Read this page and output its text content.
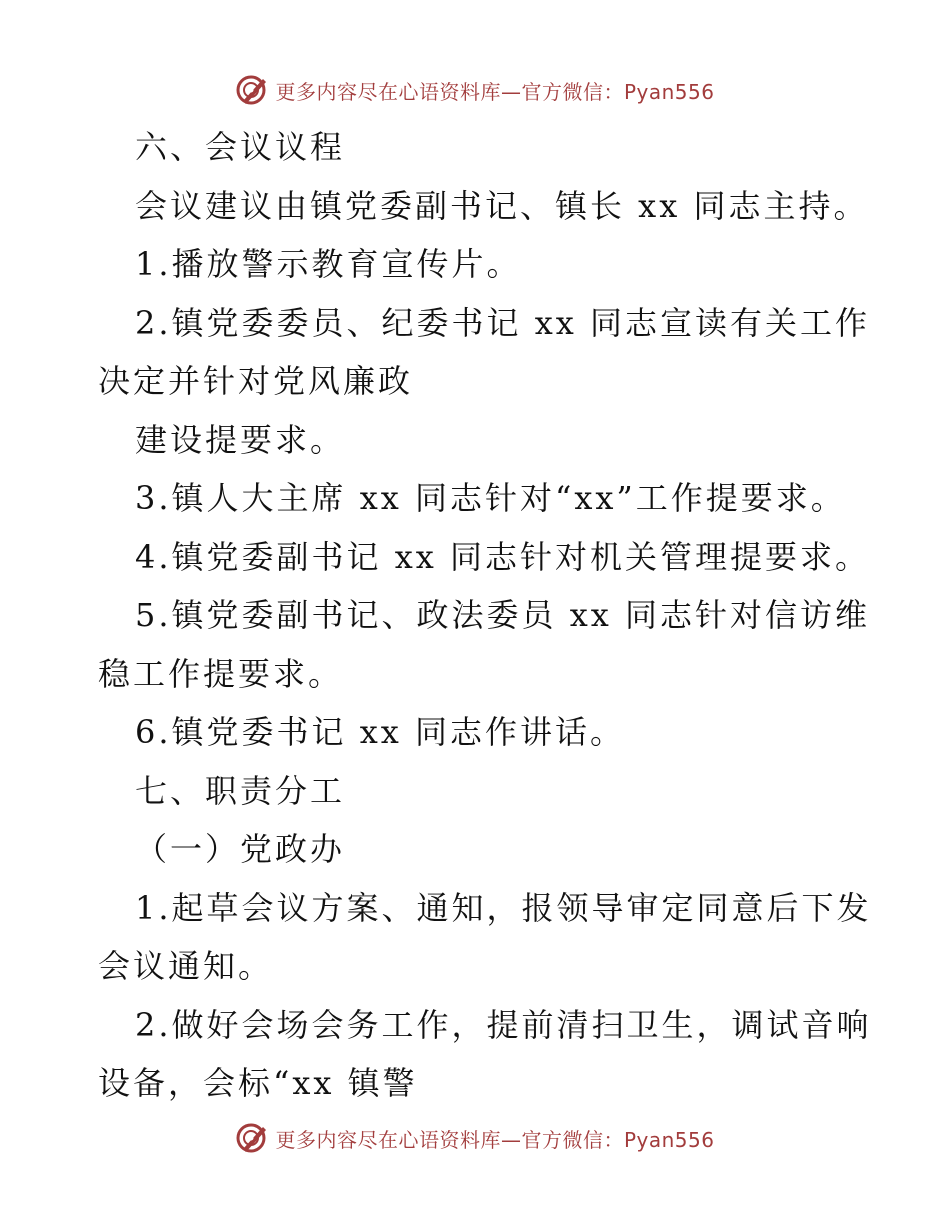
更多内容尽在心语资料库—官方微信：Pyan556
六、会议议程
会议建议由镇党委副书记、镇长 xx 同志主持。
1.播放警示教育宣传片。
2.镇党委委员、纪委书记 xx 同志宣读有关工作
决定并针对党风廉政
建设提要求。
3.镇人大主席 xx 同志针对“xx”工作提要求。
4.镇党委副书记 xx 同志针对机关管理提要求。
5.镇党委副书记、政法委员 xx 同志针对信访维
稳工作提要求。
6.镇党委书记 xx 同志作讲话。
七、职责分工
（一）党政办
1.起草会议方案、通知，报领导审定同意后下发
会议通知。
2.做好会场会务工作，提前清扫卫生，调试音响
设备，会标“xx 镇警
更多内容尽在心语资料库—官方微信：Pyan556
